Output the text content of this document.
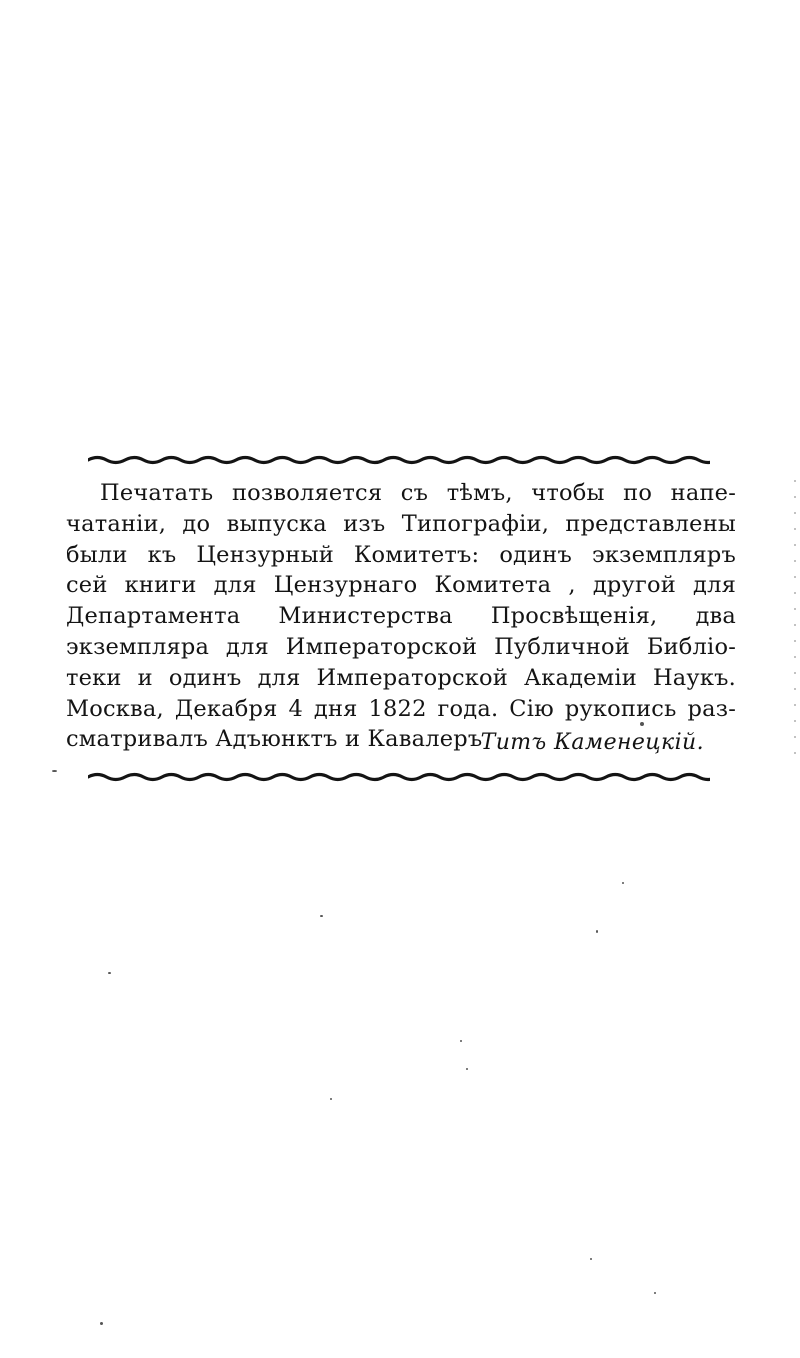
Печатать позволяется съ тѣмъ, чтобы по напе-
чатаніи, до выпуска изъ Типографіи, представлены
были къ Цензурный Комитетъ: одинъ экземпляръ
сей книги для Цензурнаго Комитета , другой для
Департамента Министерства Просвѣщенія, два
экземпляра для Императорской Публичной Библіо-
теки и одинъ для Императорской Академіи Наукъ.
Москва, Декабря 4 дня 1822 года. Сію рукопись раз-
сматривалъ Адъюнктъ и Кавалеръ
Титъ Каменецкій.
